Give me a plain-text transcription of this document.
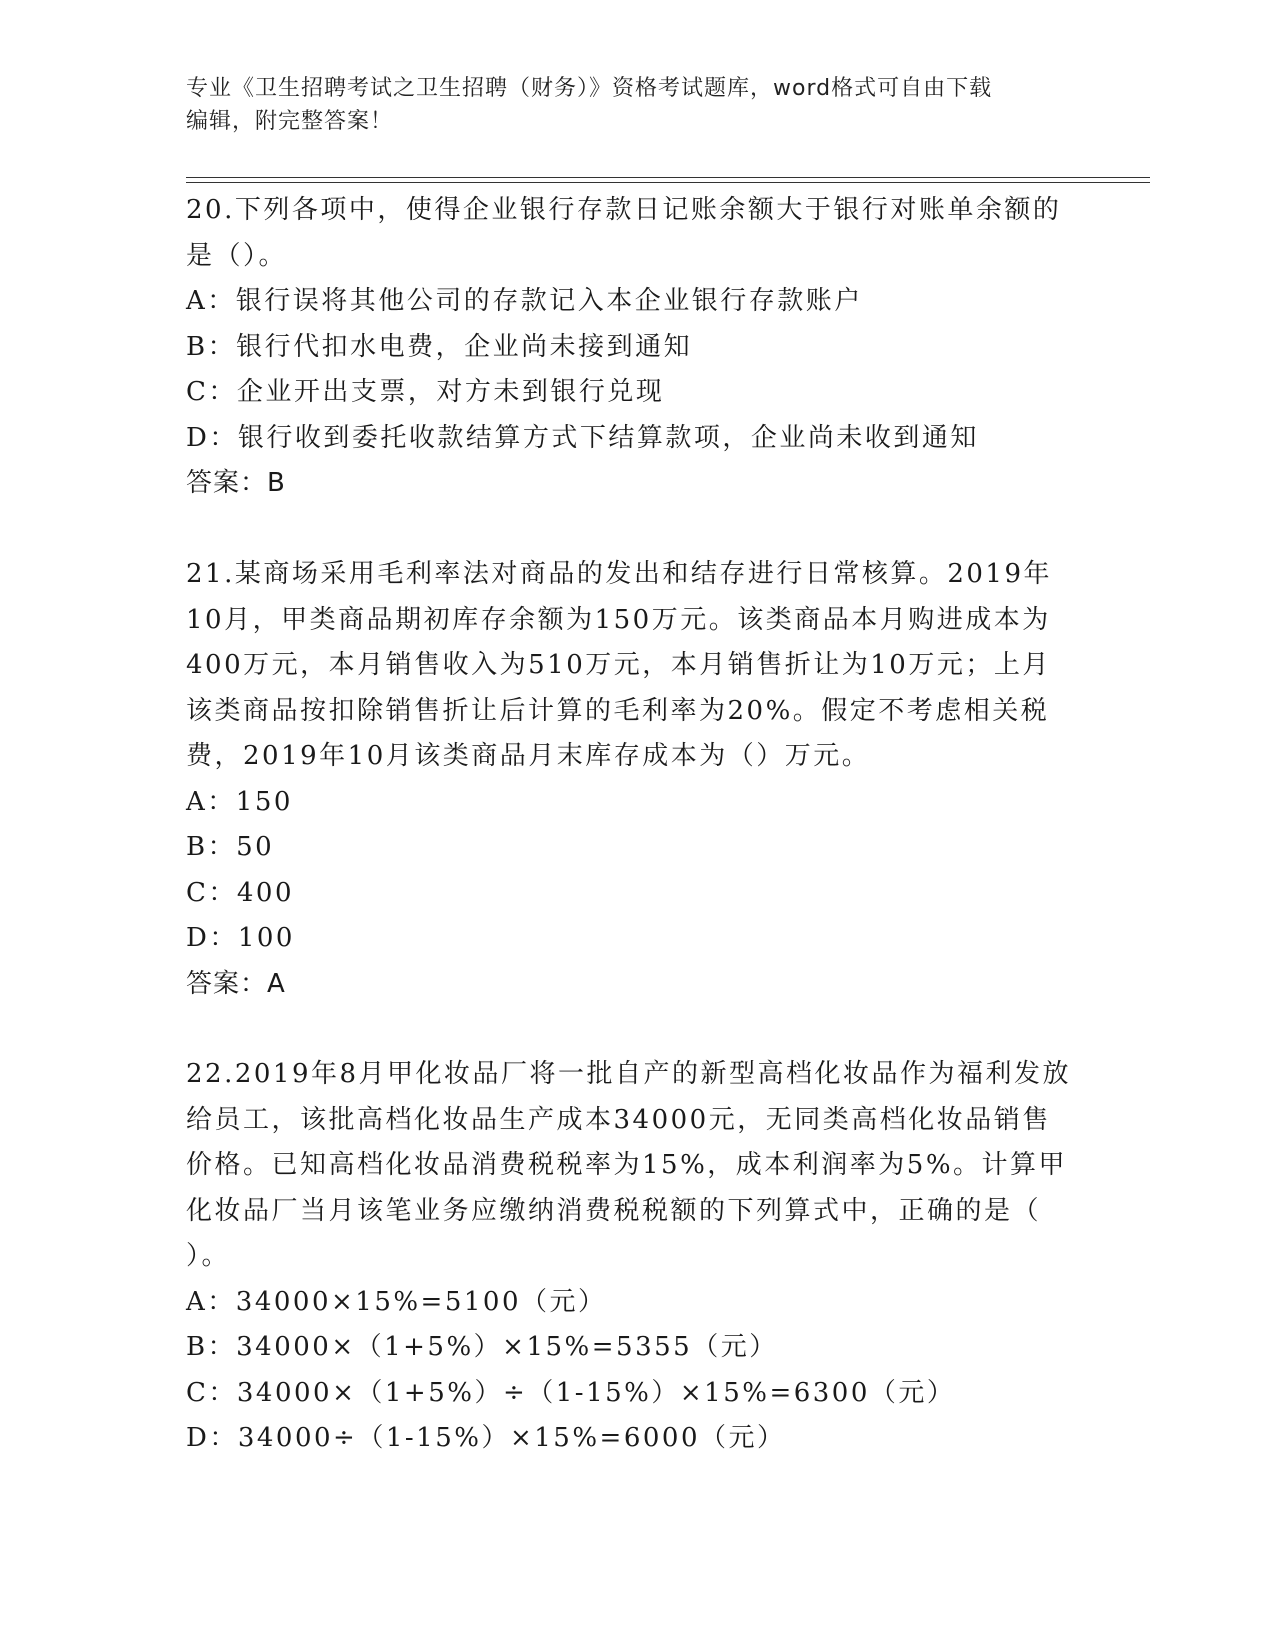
专业《卫生招聘考试之卫生招聘（财务）》资格考试题库，word格式可自由下载
编辑，附完整答案！

20.下列各项中，使得企业银行存款日记账余额大于银行对账单余额的

是（）。

A：银行误将其他公司的存款记入本企业银行存款账户

B：银行代扣水电费，企业尚未接到通知

C：企业开出支票，对方未到银行兑现

D：银行收到委托收款结算方式下结算款项，企业尚未收到通知

答案：B

21.某商场采用毛利率法对商品的发出和结存进行日常核算。2019年

10月，甲类商品期初库存余额为150万元。该类商品本月购进成本为

400万元，本月销售收入为510万元，本月销售折让为10万元；上月

该类商品按扣除销售折让后计算的毛利率为20%。假定不考虑相关税

费，2019年10月该类商品月末库存成本为（）万元。

A：150

B：50

C：400

D：100

答案：A

22.2019年8月甲化妆品厂将一批自产的新型高档化妆品作为福利发放

给员工，该批高档化妆品生产成本34000元，无同类高档化妆品销售

价格。已知高档化妆品消费税税率为15%，成本利润率为5%。计算甲

化妆品厂当月该笔业务应缴纳消费税税额的下列算式中，正确的是（

）。

A：34000×15%=5100（元）

B：34000×（1+5%）×15%=5355（元）

C：34000×（1+5%）÷（1-15%）×15%=6300（元）

D：34000÷（1-15%）×15%=6000（元）
